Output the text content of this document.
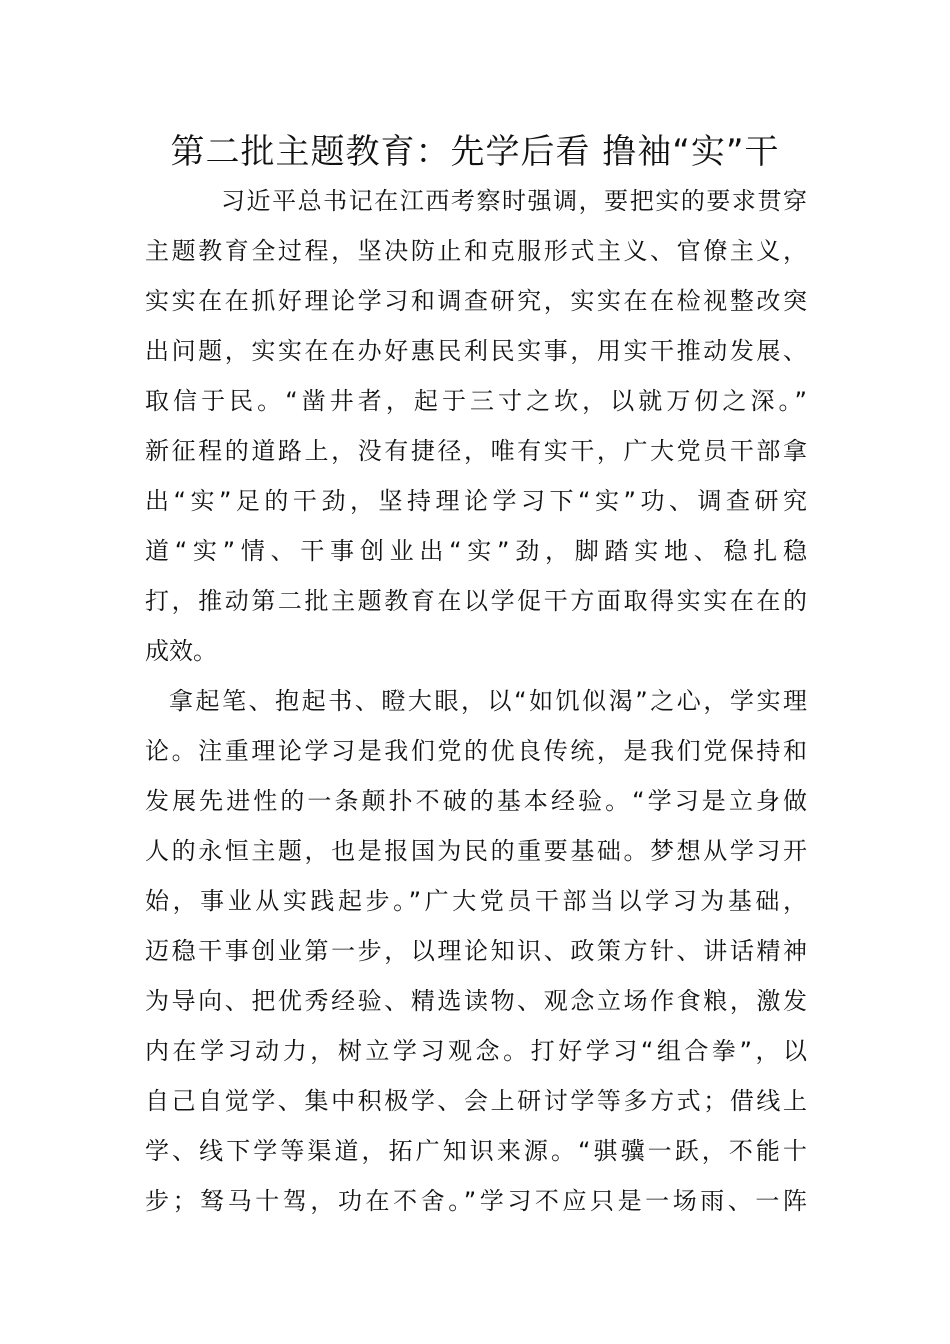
第二批主题教育：先学后看 撸袖“实”干
习近平总书记在江西考察时强调，要把实的要求贯穿
主题教育全过程，坚决防止和克服形式主义、官僚主义，
实实在在抓好理论学习和调查研究，实实在在检视整改突
出问题，实实在在办好惠民利民实事，用实干推动发展、
取信于民。“凿井者，起于三寸之坎，以就万仞之深。”
新征程的道路上，没有捷径，唯有实干，广大党员干部拿
出“实”足的干劲，坚持理论学习下“实”功、调查研究
道“实”情、干事创业出“实”劲，脚踏实地、稳扎稳
打，推动第二批主题教育在以学促干方面取得实实在在的
成效。
拿起笔、抱起书、瞪大眼，以“如饥似渴”之心，学实理
论。注重理论学习是我们党的优良传统，是我们党保持和
发展先进性的一条颠扑不破的基本经验。“学习是立身做
人的永恒主题，也是报国为民的重要基础。梦想从学习开
始，事业从实践起步。”广大党员干部当以学习为基础，
迈稳干事创业第一步，以理论知识、政策方针、讲话精神
为导向、把优秀经验、精选读物、观念立场作食粮，激发
内在学习动力，树立学习观念。打好学习“组合拳”，以
自己自觉学、集中积极学、会上研讨学等多方式；借线上
学、线下学等渠道，拓广知识来源。“骐骥一跃，不能十
步；驽马十驾，功在不舍。”学习不应只是一场雨、一阵
